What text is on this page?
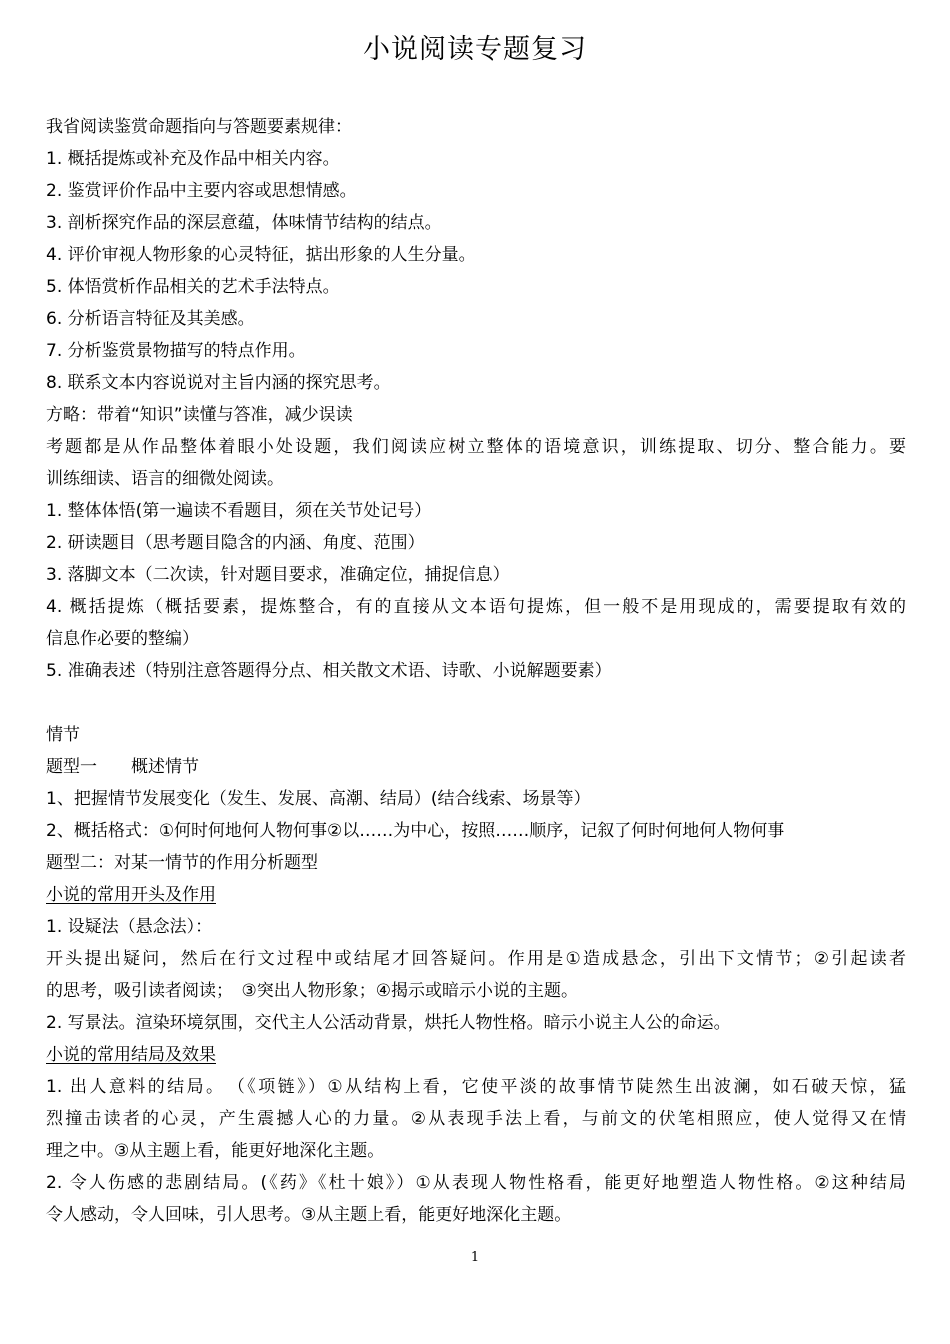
小说阅读专题复习
我省阅读鉴赏命题指向与答题要素规律：
1. 概括提炼或补充及作品中相关内容。
2. 鉴赏评价作品中主要内容或思想情感。
3. 剖析探究作品的深层意蕴，体味情节结构的结点。
4. 评价审视人物形象的心灵特征，掂出形象的人生分量。
5. 体悟赏析作品相关的艺术手法特点。
6. 分析语言特征及其美感。
7. 分析鉴赏景物描写的特点作用。
8. 联系文本内容说说对主旨内涵的探究思考。
方略：带着“知识”读懂与答准，减少误读
考题都是从作品整体着眼小处设题，我们阅读应树立整体的语境意识，训练提取、切分、整合能力。要
训练细读、语言的细微处阅读。
1. 整体体悟(第一遍读不看题目，须在关节处记号）
2. 研读题目（思考题目隐含的内涵、角度、范围）
3. 落脚文本（二次读，针对题目要求，准确定位，捕捉信息）
4. 概括提炼（概括要素，提炼整合，有的直接从文本语句提炼，但一般不是用现成的，需要提取有效的
信息作必要的整编）
5. 准确表述（特别注意答题得分点、相关散文术语、诗歌、小说解题要素）
情节
题型一　　概述情节
1、把握情节发展变化（发生、发展、高潮、结局）(结合线索、场景等）
2、概括格式：①何时何地何人物何事②以……为中心，按照……顺序，记叙了何时何地何人物何事
题型二：对某一情节的作用分析题型
小说的常用开头及作用
1. 设疑法（悬念法）：
开头提出疑问，然后在行文过程中或结尾才回答疑问。作用是①造成悬念，引出下文情节；②引起读者
的思考，吸引读者阅读；　③突出人物形象；④揭示或暗示小说的主题。
2. 写景法。渲染环境氛围，交代主人公活动背景，烘托人物性格。暗示小说主人公的命运。
小说的常用结局及效果
1. 出人意料的结局。　（《项链》）①从结构上看，它使平淡的故事情节陡然生出波澜，如石破天惊，猛
烈撞击读者的心灵，产生震撼人心的力量。②从表现手法上看，与前文的伏笔相照应，使人觉得又在情
理之中。③从主题上看，能更好地深化主题。
2. 令人伤感的悲剧结局。(《药》《杜十娘》）①从表现人物性格看，能更好地塑造人物性格。②这种结局
令人感动，令人回味，引人思考。③从主题上看，能更好地深化主题。
1
